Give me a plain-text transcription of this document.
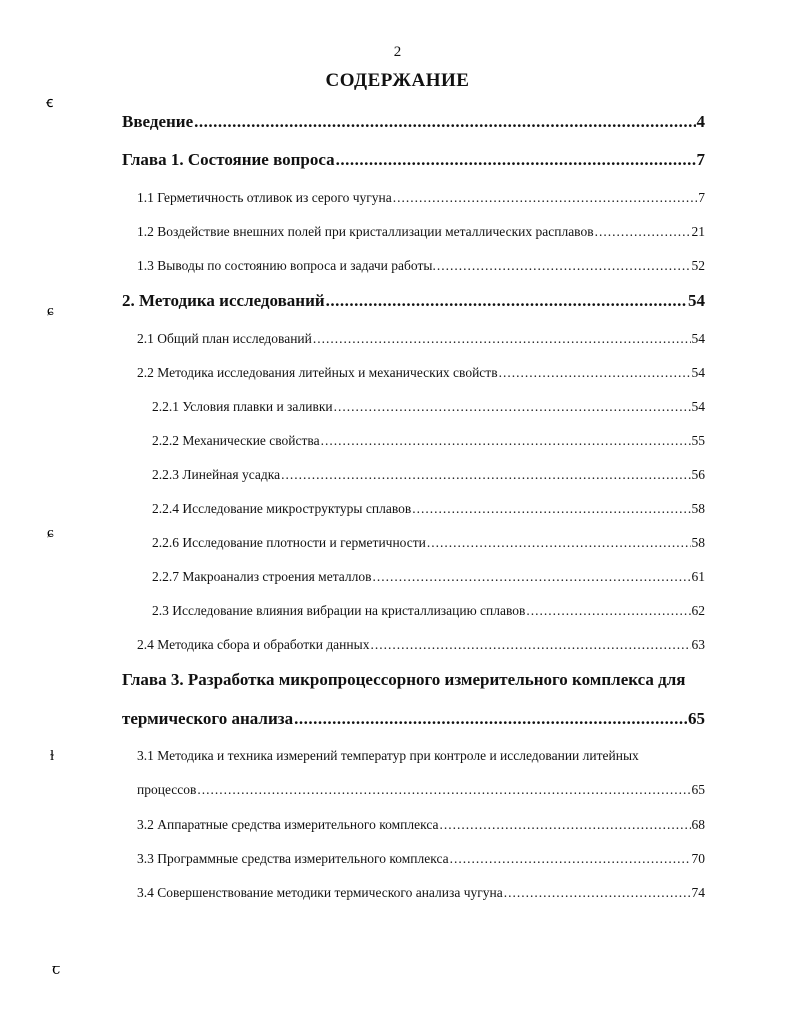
2
СОДЕРЖАНИЕ
ꞓ
ɕ
ɕ
ɫ
ꞇ
Введение .....	4
Глава 1. Состояние вопроса .....	7
1.1 Герметичность отливок из серого чугуна .....	7
1.2 Воздействие внешних полей при кристаллизации металлических расплавов .....	21
1.3 Выводы по состоянию вопроса и задачи работы. .....	52
2. Методика исследований .....	54
2.1 Общий план исследований .....	54
2.2 Методика исследования литейных и механических свойств .....	54
2.2.1 Условия плавки и заливки .....	54
2.2.2 Механические свойства .....	55
2.2.3 Линейная усадка .....	56
2.2.4 Исследование микроструктуры сплавов .....	58
2.2.6 Исследование плотности и герметичности .....	58
2.2.7 Макроанализ строения металлов .....	61
2.3 Исследование влияния вибрации на кристаллизацию сплавов .....	62
2.4 Методика сбора и обработки данных .....	63
Глава 3. Разработка микропроцессорного измерительного комплекса для
термического анализа .....	65
3.1 Методика и техника измерений температур при контроле и исследовании литейных
процессов .....	65
3.2 Аппаратные средства измерительного комплекса .....	68
3.3 Программные средства измерительного комплекса .....	70
3.4 Совершенствование методики термического анализа чугуна .....	74
